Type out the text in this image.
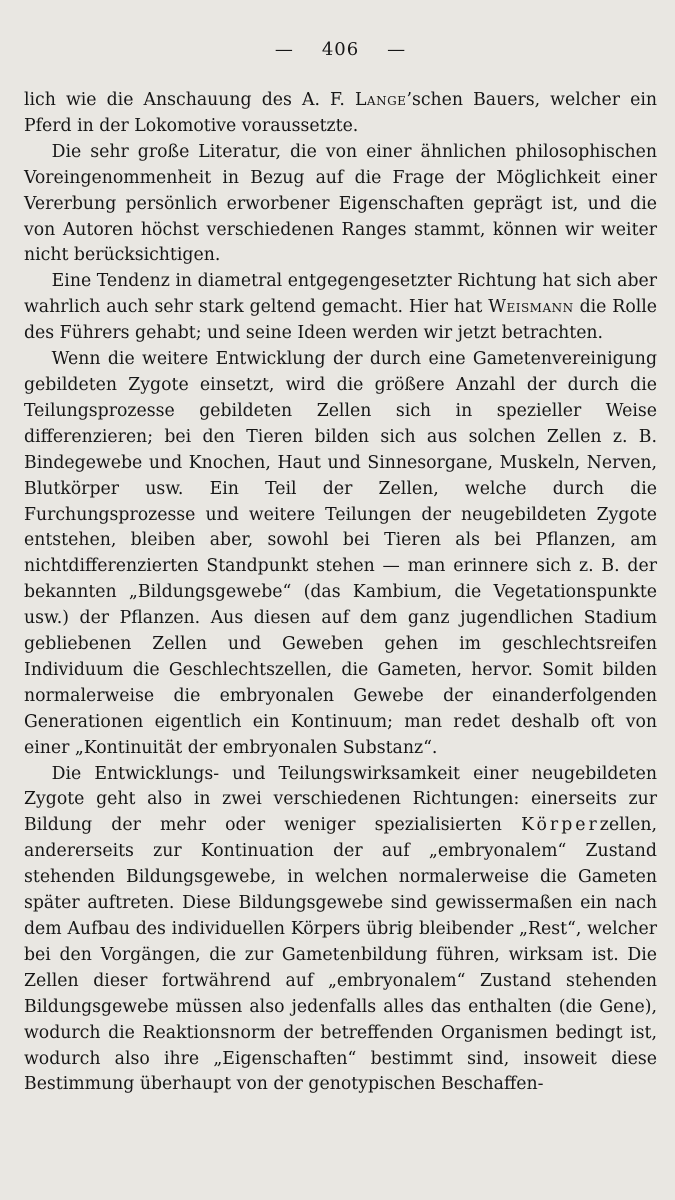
— 406 —

lich wie die Anschauung des A. F. Lange’schen Bauers, welcher ein Pferd in der Lokomotive voraussetzte.

Die sehr große Literatur, die von einer ähnlichen philosophischen Voreingenommenheit in Bezug auf die Frage der Möglichkeit einer Vererbung persönlich erworbener Eigenschaften geprägt ist, und die von Autoren höchst verschiedenen Ranges stammt, können wir weiter nicht berücksichtigen.

Eine Tendenz in diametral entgegengesetzter Richtung hat sich aber wahrlich auch sehr stark geltend gemacht. Hier hat Weismann die Rolle des Führers gehabt; und seine Ideen werden wir jetzt betrachten.

Wenn die weitere Entwicklung der durch eine Gametenvereinigung gebildeten Zygote einsetzt, wird die größere Anzahl der durch die Teilungsprozesse gebildeten Zellen sich in spezieller Weise differenzieren; bei den Tieren bilden sich aus solchen Zellen z. B. Bindegewebe und Knochen, Haut und Sinnesorgane, Muskeln, Nerven, Blutkörper usw. Ein Teil der Zellen, welche durch die Furchungsprozesse und weitere Teilungen der neugebildeten Zygote entstehen, bleiben aber, sowohl bei Tieren als bei Pflanzen, am nichtdifferenzierten Standpunkt stehen — man erinnere sich z. B. der bekannten „Bildungsgewebe“ (das Kambium, die Vegetationspunkte usw.) der Pflanzen. Aus diesen auf dem ganz jugendlichen Stadium gebliebenen Zellen und Geweben gehen im geschlechtsreifen Individuum die Geschlechtszellen, die Gameten, hervor. Somit bilden normalerweise die embryonalen Gewebe der einanderfolgenden Generationen eigentlich ein Kontinuum; man redet deshalb oft von einer „Kontinuität der embryonalen Substanz“.

Die Entwicklungs- und Teilungswirksamkeit einer neugebildeten Zygote geht also in zwei verschiedenen Richtungen: einerseits zur Bildung der mehr oder weniger spezialisierten Körperzellen, andererseits zur Kontinuation der auf „embryonalem“ Zustand stehenden Bildungsgewebe, in welchen normalerweise die Gameten später auftreten. Diese Bildungsgewebe sind gewissermaßen ein nach dem Aufbau des individuellen Körpers übrig bleibender „Rest“, welcher bei den Vorgängen, die zur Gametenbildung führen, wirksam ist. Die Zellen dieser fortwährend auf „embryonalem“ Zustand stehenden Bildungsgewebe müssen also jedenfalls alles das enthalten (die Gene), wodurch die Reaktionsnorm der betreffenden Organismen bedingt ist, wodurch also ihre „Eigenschaften“ bestimmt sind, insoweit diese Bestimmung überhaupt von der genotypischen Beschaffen-
